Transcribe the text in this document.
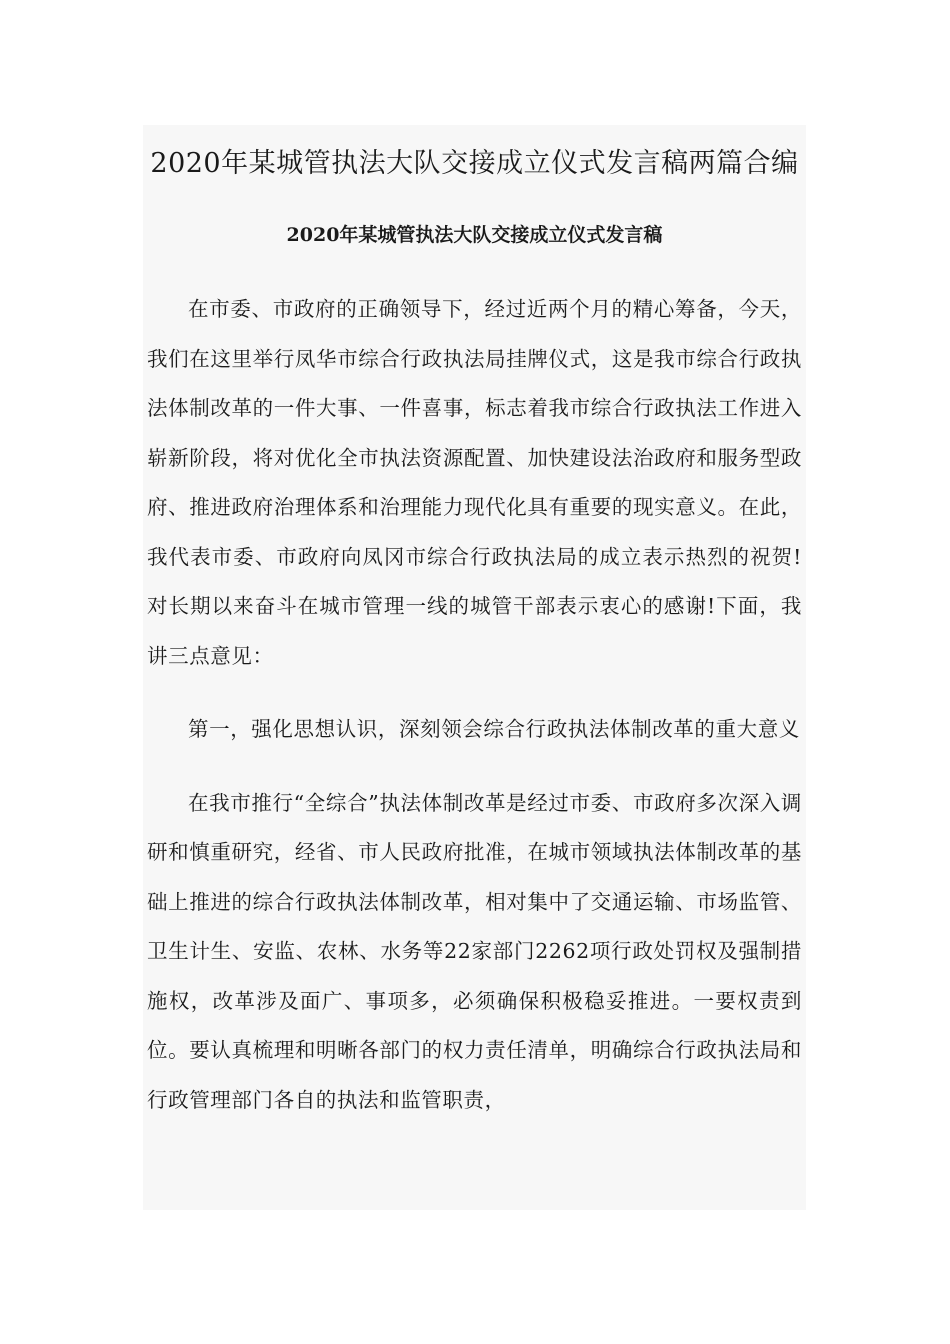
2020年某城管执法大队交接成立仪式发言稿两篇合编
2020年某城管执法大队交接成立仪式发言稿

在市委、市政府的正确领导下，经过近两个月的精心筹备，今天，我们在这里举行凤华市综合行政执法局挂牌仪式，这是我市综合行政执法体制改革的一件大事、一件喜事，标志着我市综合行政执法工作进入崭新阶段，将对优化全市执法资源配置、加快建设法治政府和服务型政府、推进政府治理体系和治理能力现代化具有重要的现实意义。在此，我代表市委、市政府向凤冈市综合行政执法局的成立表示热烈的祝贺!对长期以来奋斗在城市管理一线的城管干部表示衷心的感谢!下面，我讲三点意见：

第一，强化思想认识，深刻领会综合行政执法体制改革的重大意义

在我市推行“全综合”执法体制改革是经过市委、市政府多次深入调研和慎重研究，经省、市人民政府批准，在城市领域执法体制改革的基础上推进的综合行政执法体制改革，相对集中了交通运输、市场监管、卫生计生、安监、农林、水务等22家部门2262项行政处罚权及强制措施权，改革涉及面广、事项多，必须确保积极稳妥推进。一要权责到位。要认真梳理和明晰各部门的权力责任清单，明确综合行政执法局和行政管理部门各自的执法和监管职责，
